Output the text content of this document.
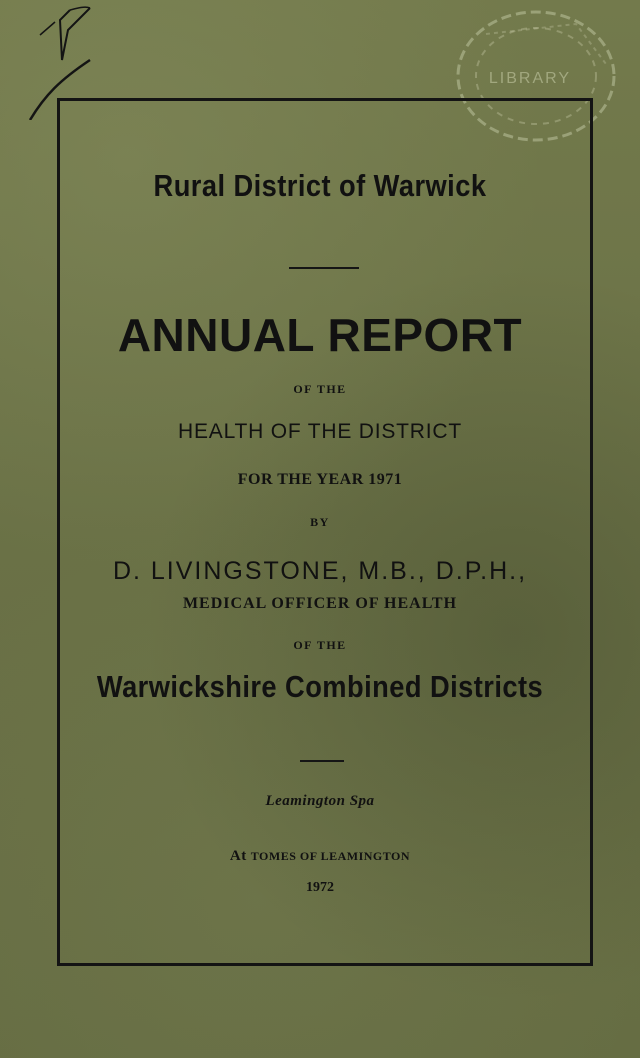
LIBRARY
Rural District of Warwick
ANNUAL REPORT
OF THE
HEALTH OF THE DISTRICT
FOR THE YEAR 1971
BY
D. LIVINGSTONE, M.B., D.P.H.,
MEDICAL OFFICER OF HEALTH
OF THE
Warwickshire Combined Districts
Leamington Spa
At TOMES OF LEAMINGTON
1972
